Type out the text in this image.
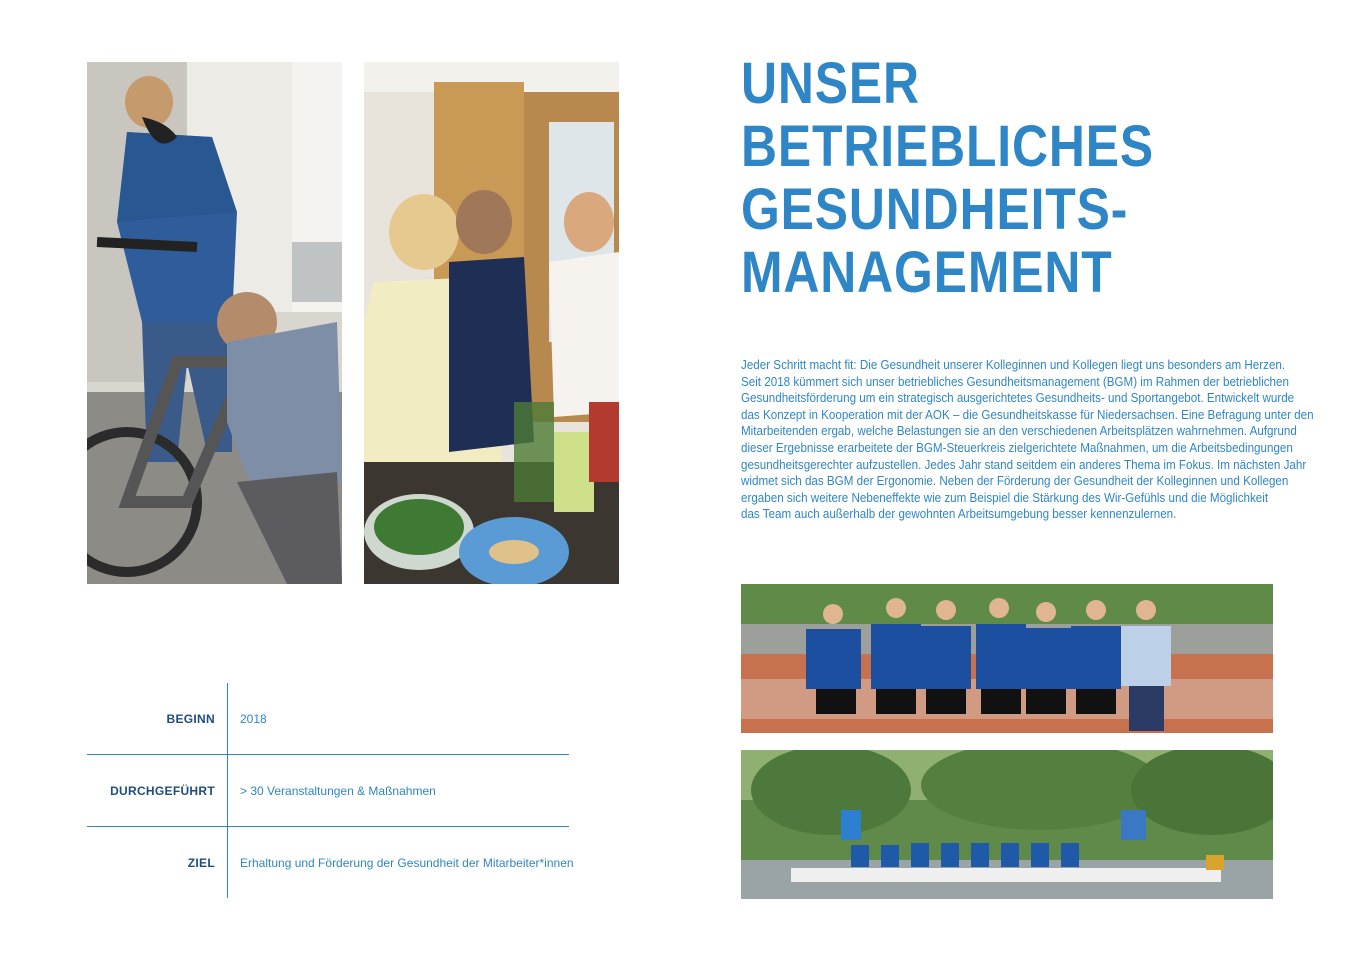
UNSER
BETRIEBLICHES
GESUNDHEITS-
MANAGEMENT

Jeder Schritt macht fit: Die Gesundheit unserer Kolleginnen und Kollegen liegt uns besonders am Herzen.
Seit 2018 kümmert sich unser betriebliches Gesundheitsmanagement (BGM) im Rahmen der betrieblichen
Gesundheitsförderung um ein strategisch ausgerichtetes Gesundheits- und Sportangebot. Entwickelt wurde
das Konzept in Kooperation mit der AOK – die Gesundheitskasse für Niedersachsen. Eine Befragung unter den
Mitarbeitenden ergab, welche Belastungen sie an den verschiedenen Arbeitsplätzen wahrnehmen. Aufgrund
dieser Ergebnisse erarbeitete der BGM-Steuerkreis zielgerichtete Maßnahmen, um die Arbeitsbedingungen
gesundheitsgerechter aufzustellen. Jedes Jahr stand seitdem ein anderes Thema im Fokus. Im nächsten Jahr
widmet sich das BGM der Ergonomie. Neben der Förderung der Gesundheit der Kolleginnen und Kollegen
ergaben sich weitere Nebeneffekte wie zum Beispiel die Stärkung des Wir-Gefühls und die Möglichkeit
das Team auch außerhalb der gewohnten Arbeitsumgebung besser kennenzulernen.

BEGINN 2018
DURCHGEFÜHRT > 30 Veranstaltungen & Maßnahmen
ZIEL Erhaltung und Förderung der Gesundheit der Mitarbeiter*innen
